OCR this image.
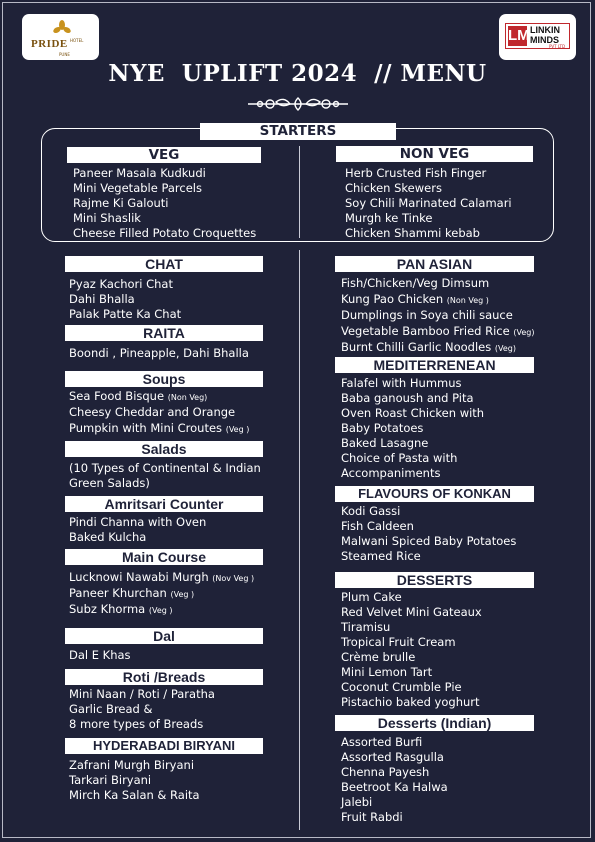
PRIDE HOTEL
PUNE
LM LINKIN
MINDS
PVT LTD
NYE  UPLIFT 2024  // MENU
STARTERS
VEG
Paneer Masala Kudkudi
Mini Vegetable Parcels
Rajme Ki Galouti
Mini Shaslik
Cheese Filled Potato Croquettes
NON VEG
Herb Crusted Fish Finger
Chicken Skewers
Soy Chili Marinated Calamari
Murgh ke Tinke
Chicken Shammi kebab
CHAT
Pyaz Kachori Chat
Dahi Bhalla
Palak Patte Ka Chat
RAITA
Boondi , Pineapple, Dahi Bhalla
Soups
Sea Food Bisque (Non Veg)
Cheesy Cheddar and Orange
Pumpkin with Mini Croutes (Veg )
Salads
(10 Types of Continental & Indian
Green Salads)
Amritsari Counter
Pindi Channa with Oven
Baked Kulcha
Main Course
Lucknowi Nawabi Murgh (Nov Veg )
Paneer Khurchan (Veg )
Subz Khorma (Veg )
Dal
Dal E Khas
Roti /Breads
Mini Naan / Roti / Paratha
Garlic Bread &
8 more types of Breads
HYDERABADI BIRYANI
Zafrani Murgh Biryani
Tarkari Biryani
Mirch Ka Salan & Raita
PAN ASIAN
Fish/Chicken/Veg Dimsum
Kung Pao Chicken (Non Veg )
Dumplings in Soya chili sauce
Vegetable Bamboo Fried Rice (Veg)
Burnt Chilli Garlic Noodles (Veg)
MEDITERRENEAN
Falafel with Hummus
Baba ganoush and Pita
Oven Roast Chicken with
Baby Potatoes
Baked Lasagne
Choice of Pasta with
Accompaniments
FLAVOURS OF KONKAN
Kodi Gassi
Fish Caldeen
Malwani Spiced Baby Potatoes
Steamed Rice
DESSERTS
Plum Cake
Red Velvet Mini Gateaux
Tiramisu
Tropical Fruit Cream
Crème brulle
Mini Lemon Tart
Coconut Crumble Pie
Pistachio baked yoghurt
Desserts (Indian)
Assorted Burfi
Assorted Rasgulla
Chenna Payesh
Beetroot Ka Halwa
Jalebi
Fruit Rabdi
